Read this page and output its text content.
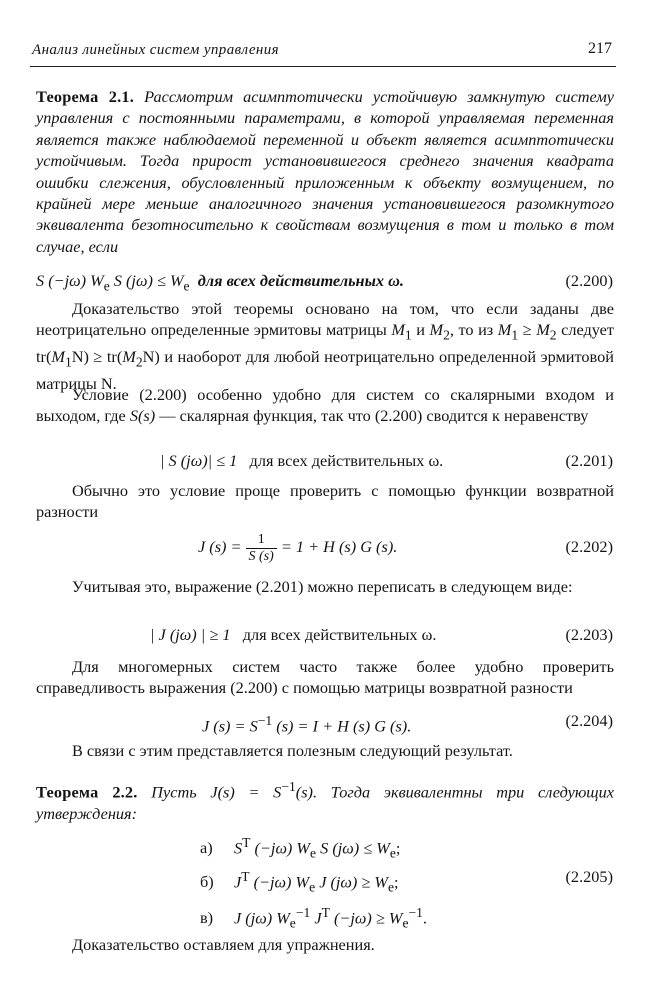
Анализ линейных систем управления	217
Теорема 2.1. Рассмотрим асимптотически устойчивую замкнутую систему управления с постоянными параметрами, в которой управляемая переменная является также наблюдаемой переменной и объект является асимптотически устойчивым. Тогда прирост установившегося среднего значения квадрата ошибки слежения, обусловленный приложенным к объекту возмущением, по крайней мере меньше аналогичного значения установившегося разомкнутого эквивалента безотносительно к свойствам возмущения в том и только в том случае, если
S (−jω) $W_e$ S $(j\omega) \le W_e$ для всех действительных ω.	(2.200)
Доказательство этой теоремы основано на том, что если заданы две неотрицательно определенные эрмитовы матрицы $M_1$ и $M_2$, то из $M_1 \ge M_2$ следует $tr(M_1N) \ge tr(M_2N)$ и наоборот для любой неотрицательно определенной эрмитовой матрицы N.
Условие (2.200) особенно удобно для систем со скалярными входом и выходом, где S(s) — скалярная функция, так что (2.200) сводится к неравенству
| S (jω)| ≤ 1 для всех действительных ω.	(2.201)
Обычно это условие проще проверить с помощью функции возвратной разности
J $(s) = \frac{1}{S (s)} = 1 + H$ (s) G (s).	(2.202)
Учитывая это, выражение (2.201) можно переписать в следующем виде:
| J (jω) | ≥ 1 для всех действительных ω.	(2.203)
Для многомерных систем часто также более удобно проверить справедливость выражения (2.200) с помощью матрицы возвратной разности
J $(s) = S^{-1}$ (s) = I + H (s) G (s).	(2.204)
В связи с этим представляется полезным следующий результат.
Теорема 2.2. Пусть $J(s) = S^{-1}(s)$. Тогда эквивалентны три следующих утверждения:
а) $S^T$ (−jω) $W_e$ S $(j\omega) \le W_e$;
б) $J^T$ (−jω) $W_e$ J $(j\omega) \ge W_e$;	(2.205)
в) J (jω) $W_e^{-1}$ $J^T$ $(-j\omega) \ge W_e^{-1}$.
Доказательство оставляем для упражнения.
